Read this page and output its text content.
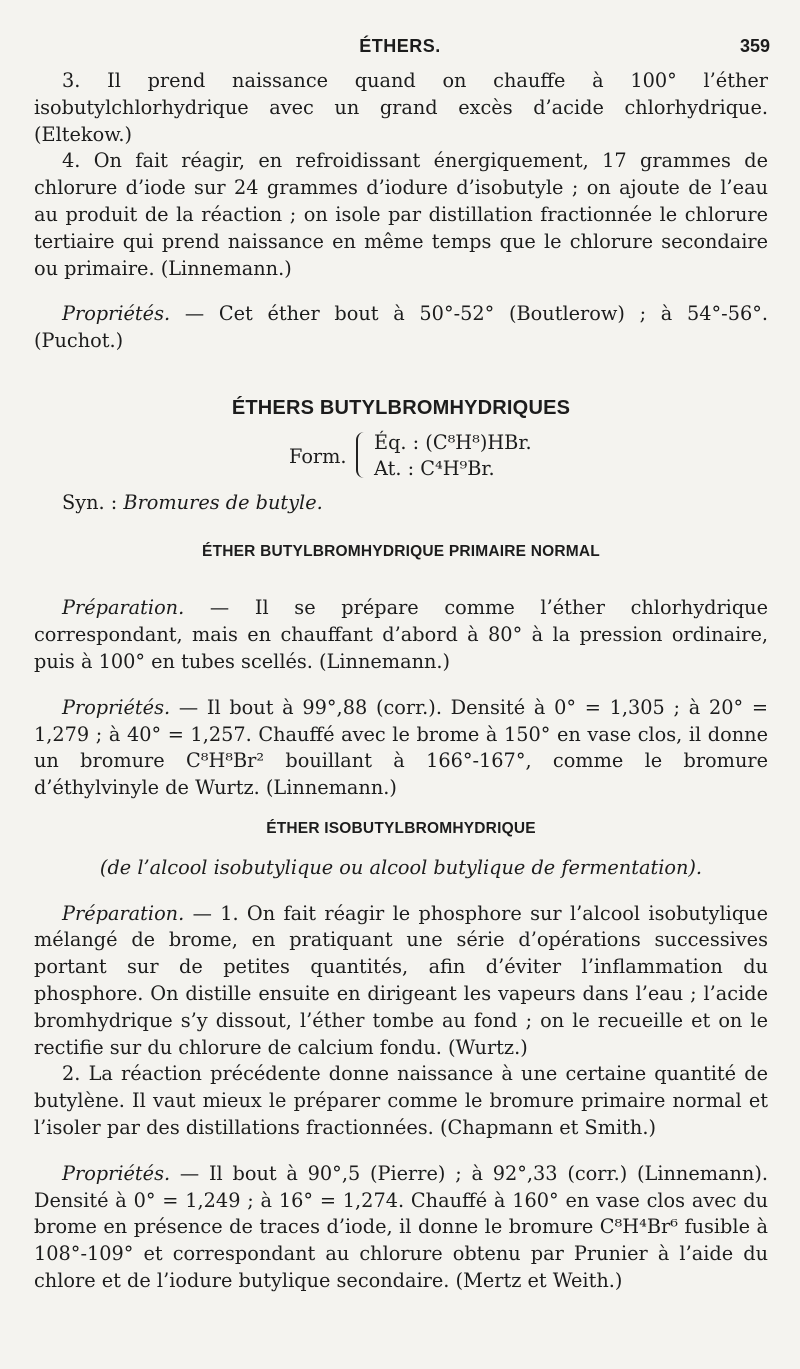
ÉTHERS.	359

3. Il prend naissance quand on chauffe à 100° l’éther isobutylchlorhydrique avec un grand excès d’acide chlorhydrique. (Eltekow.)

4. On fait réagir, en refroidissant énergiquement, 17 grammes de chlorure d’iode sur 24 grammes d’iodure d’isobutyle ; on ajoute de l’eau au produit de la réaction ; on isole par distillation fractionnée le chlorure tertiaire qui prend naissance en même temps que le chlorure secondaire ou primaire. (Linnemann.)

Propriétés. — Cet éther bout à 50°-52° (Boutlerow) ; à 54°-56°. (Puchot.)

ÉTHERS BUTYLBROMHYDRIQUES
Form.
Éq. : (C⁸H⁸)HBr.
At. : C⁴H⁹Br.

Syn. : Bromures de butyle.

ÉTHER BUTYLBROMHYDRIQUE PRIMAIRE NORMAL

Préparation. — Il se prépare comme l’éther chlorhydrique correspondant, mais en chauffant d’abord à 80° à la pression ordinaire, puis à 100° en tubes scellés. (Linnemann.)

Propriétés. — Il bout à 99°,88 (corr.). Densité à 0° = 1,305 ; à 20° = 1,279 ; à 40° = 1,257. Chauffé avec le brome à 150° en vase clos, il donne un bromure C⁸H⁸Br² bouillant à 166°-167°, comme le bromure d’éthylvinyle de Wurtz. (Linnemann.)

ÉTHER ISOBUTYLBROMHYDRIQUE

(de l’alcool isobutylique ou alcool butylique de fermentation).

Préparation. — 1. On fait réagir le phosphore sur l’alcool isobutylique mélangé de brome, en pratiquant une série d’opérations successives portant sur de petites quantités, afin d’éviter l’inflammation du phosphore. On distille ensuite en dirigeant les vapeurs dans l’eau ; l’acide bromhydrique s’y dissout, l’éther tombe au fond ; on le recueille et on le rectifie sur du chlorure de calcium fondu. (Wurtz.)

2. La réaction précédente donne naissance à une certaine quantité de butylène. Il vaut mieux le préparer comme le bromure primaire normal et l’isoler par des distillations fractionnées. (Chapmann et Smith.)

Propriétés. — Il bout à 90°,5 (Pierre) ; à 92°,33 (corr.) (Linnemann). Densité à 0° = 1,249 ; à 16° = 1,274. Chauffé à 160° en vase clos avec du brome en présence de traces d’iode, il donne le bromure C⁸H⁴Br⁶ fusible à 108°-109° et correspondant au chlorure obtenu par Prunier à l’aide du chlore et de l’iodure butylique secondaire. (Mertz et Weith.)
